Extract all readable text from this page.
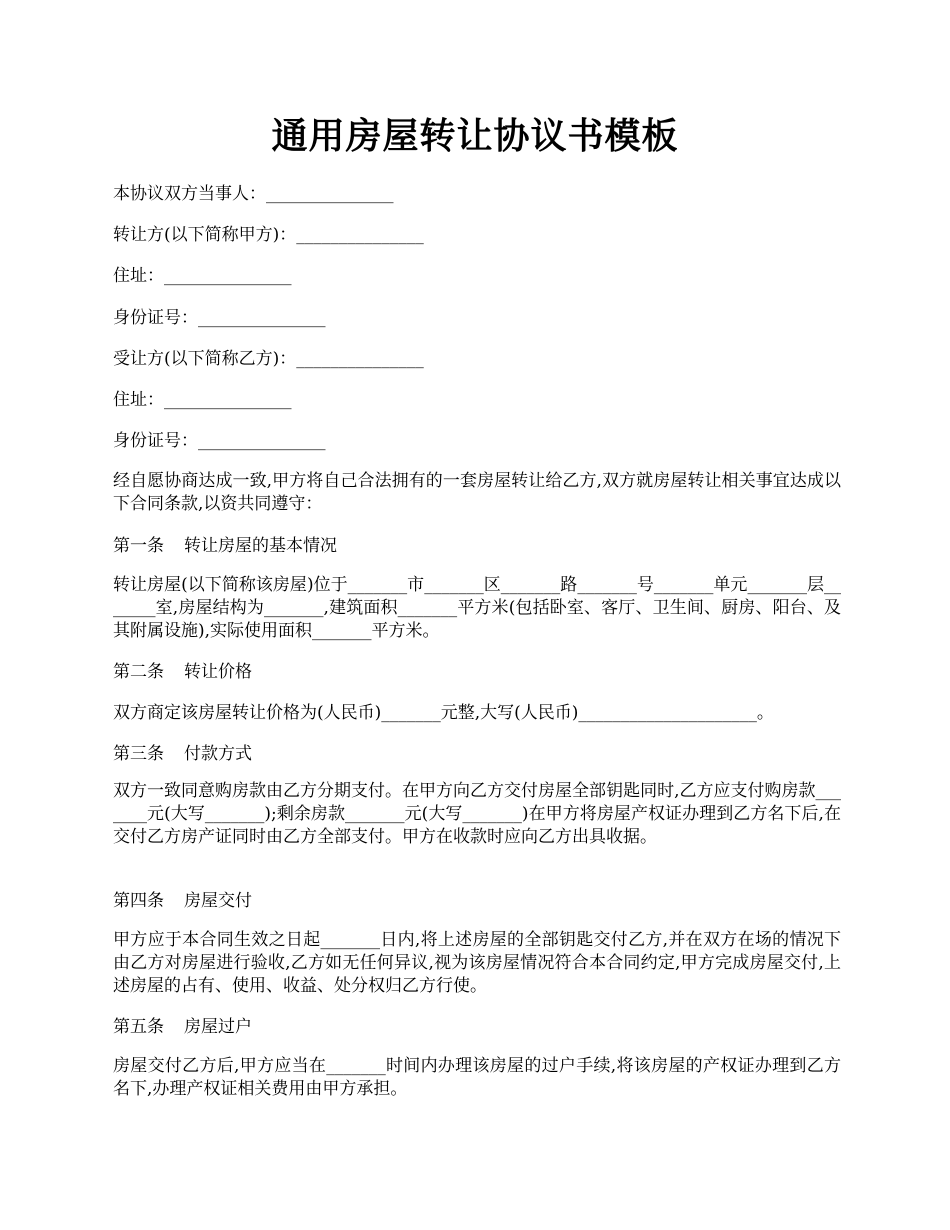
通用房屋转让协议书模板
本协议双方当事人：_______________
转让方(以下简称甲方)：_______________
住址：_______________
身份证号：_______________
受让方(以下简称乙方)：_______________
住址：_______________
身份证号：_______________
经自愿协商达成一致,甲方将自己合法拥有的一套房屋转让给乙方,双方就房屋转让相关事宜达成以下合同条款,以资共同遵守：
第一条 转让房屋的基本情况
转让房屋(以下简称该房屋)位于_______市_______区_______路_______号_______单元_______层_______室,房屋结构为_______,建筑面积_______平方米(包括卧室、客厅、卫生间、厨房、阳台、及其附属设施),实际使用面积_______平方米。
第二条 转让价格
双方商定该房屋转让价格为(人民币)_______元整,大写(人民币)_____________________。
第三条 付款方式
双方一致同意购房款由乙方分期支付。在甲方向乙方交付房屋全部钥匙同时,乙方应支付购房款_______元(大写_______);剩余房款_______元(大写_______)在甲方将房屋产权证办理到乙方名下后,在交付乙方房产证同时由乙方全部支付。甲方在收款时应向乙方出具收据。
第四条 房屋交付
甲方应于本合同生效之日起_______日内,将上述房屋的全部钥匙交付乙方,并在双方在场的情况下由乙方对房屋进行验收,乙方如无任何异议,视为该房屋情况符合本合同约定,甲方完成房屋交付,上述房屋的占有、使用、收益、处分权归乙方行使。
第五条 房屋过户
房屋交付乙方后,甲方应当在_______时间内办理该房屋的过户手续,将该房屋的产权证办理到乙方名下,办理产权证相关费用由甲方承担。
